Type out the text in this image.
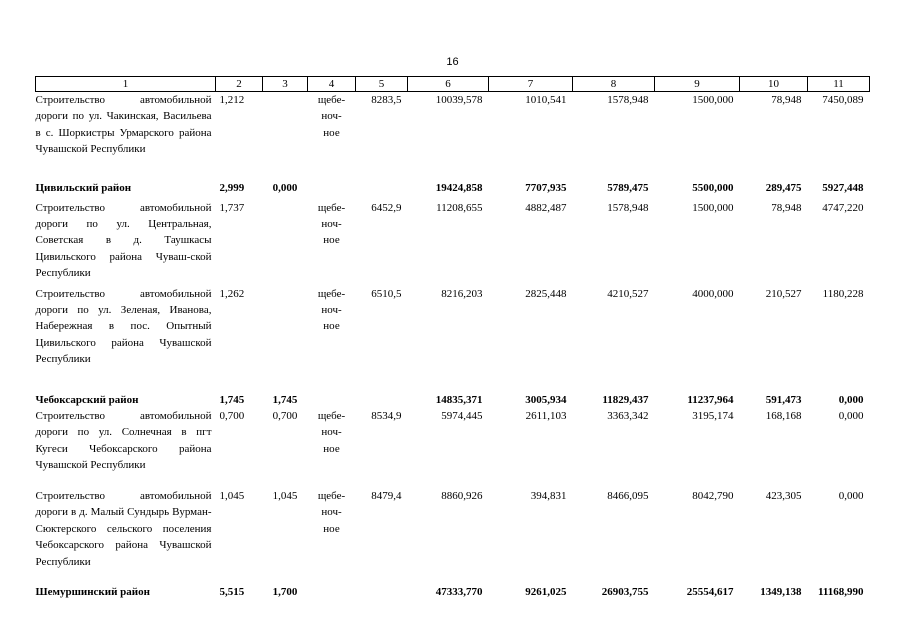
16
1	2	3	4	5	6	7	8	9	10	11
Строительство автомобильной дороги по ул. Чакинская, Васильева в с. Шоркистры Урмарского района Чувашской Республики	1,212		щебе-ноч-ное	8283,5	10039,578	1010,541	1578,948	1500,000	78,948	7450,089
Цивильский район	2,999	0,000			19424,858	7707,935	5789,475	5500,000	289,475	5927,448
Строительство автомобильной дороги по ул. Центральная, Советская в д. Таушкасы Цивильского района Чуваш-ской Республики	1,737		щебе-ноч-ное	6452,9	11208,655	4882,487	1578,948	1500,000	78,948	4747,220
Строительство автомобильной дороги по ул. Зеленая, Иванова, Набережная в пос. Опытный Цивильского района Чувашской Республики	1,262		щебе-ноч-ное	6510,5	8216,203	2825,448	4210,527	4000,000	210,527	1180,228
Чебоксарский район	1,745	1,745			14835,371	3005,934	11829,437	11237,964	591,473	0,000
Строительство автомобильной дороги по ул. Солнечная в пгт Кугеси Чебоксарского района Чувашской Республики	0,700	0,700	щебе-ноч-ное	8534,9	5974,445	2611,103	3363,342	3195,174	168,168	0,000
Строительство автомобильной дороги в д. Малый Сундырь Вурман-Сюктерского сельского поселения Чебоксарского района Чувашской Республики	1,045	1,045	щебе-ноч-ное	8479,4	8860,926	394,831	8466,095	8042,790	423,305	0,000
Шемуршинский район	5,515	1,700			47333,770	9261,025	26903,755	25554,617	1349,138	11168,990
